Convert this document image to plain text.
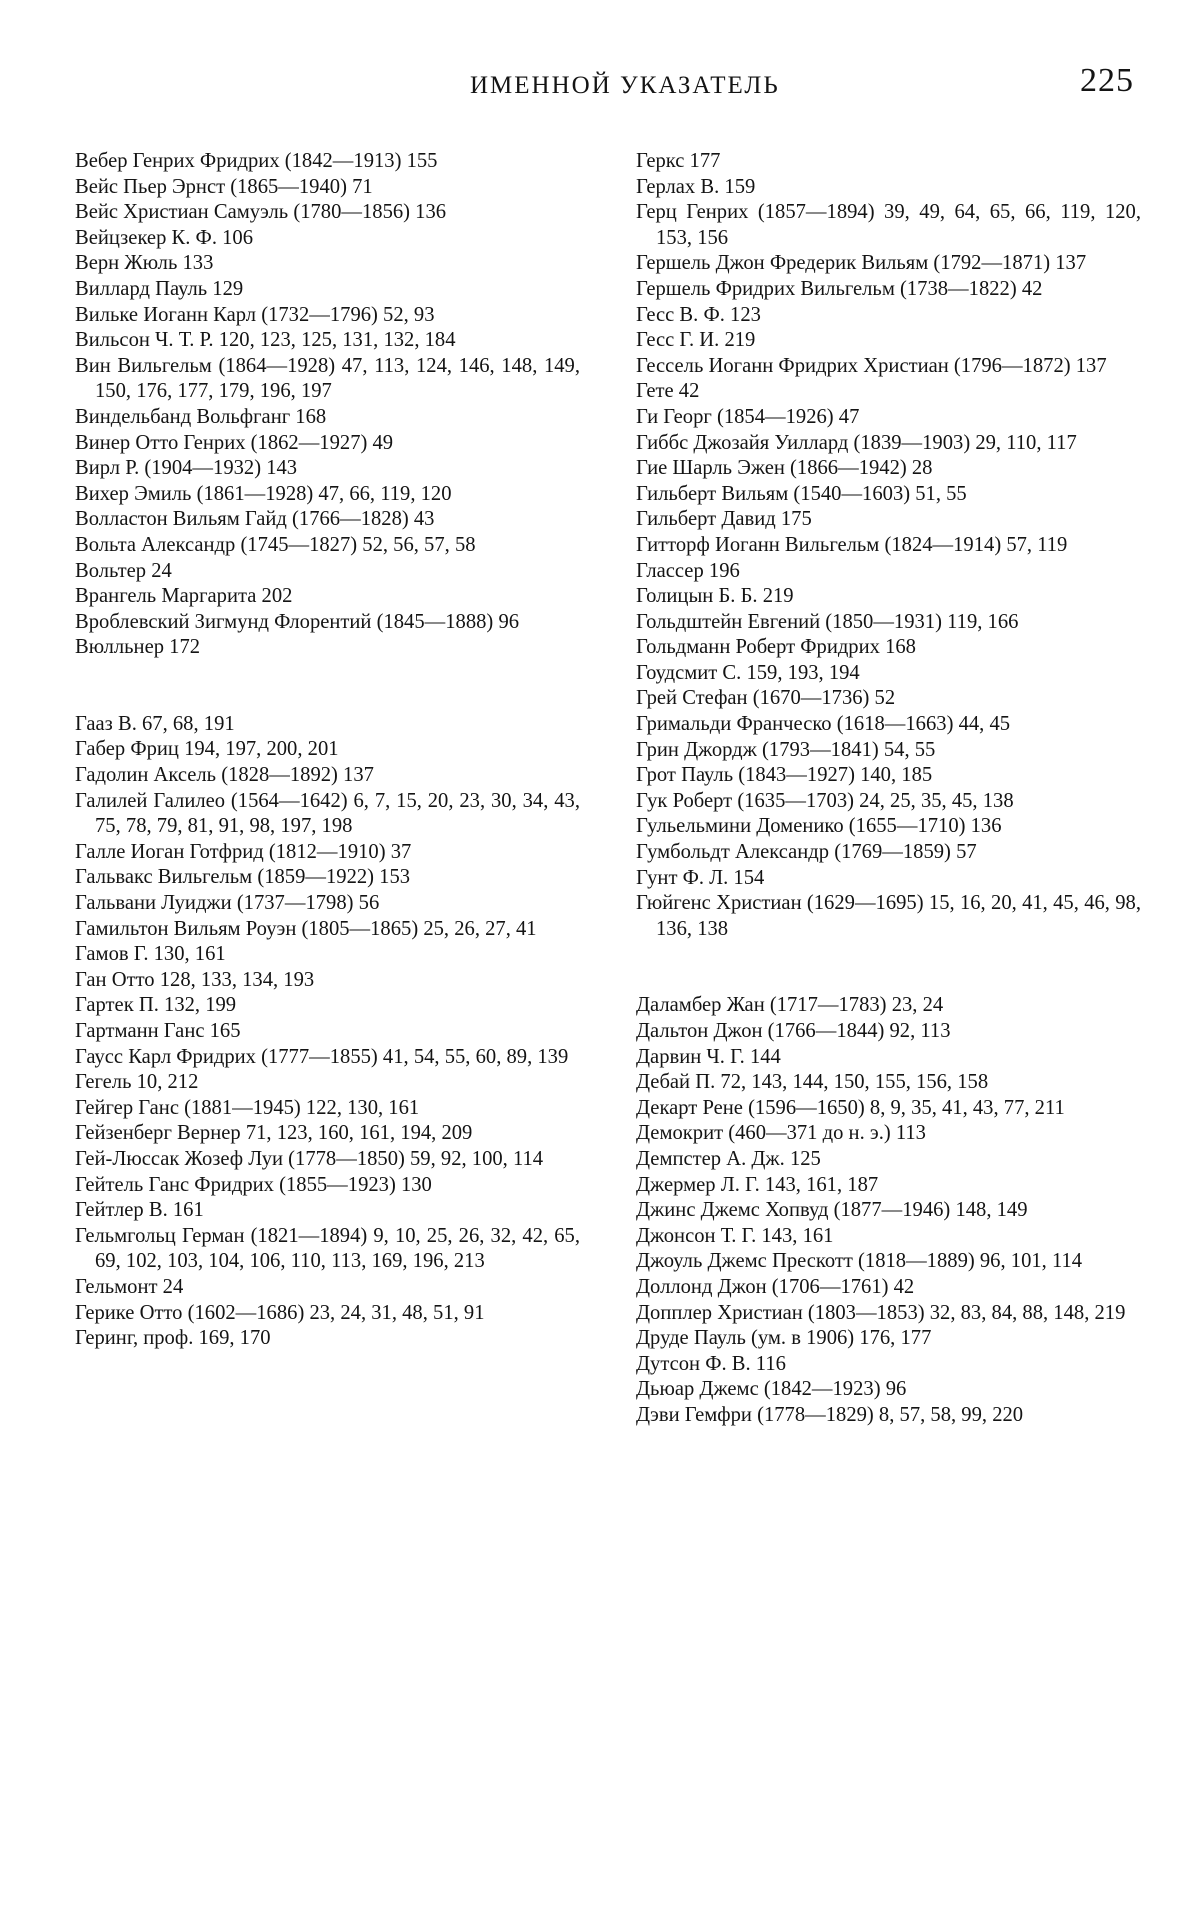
ИМЕННОЙ УКАЗАТЕЛЬ	225
Вебер Генрих Фридрих (1842—1913) 155
Вейс Пьер Эрнст (1865—1940) 71
Вейс Христиан Самуэль (1780—1856) 136
Вейцзекер К. Ф. 106
Верн Жюль 133
Виллард Пауль 129
Вильке Иоганн Карл (1732—1796) 52, 93
Вильсон Ч. Т. Р. 120, 123, 125, 131, 132, 184
Вин Вильгельм (1864—1928) 47, 113, 124, 146, 148, 149, 150, 176, 177, 179, 196, 197
Виндельбанд Вольфганг 168
Винер Отто Генрих (1862—1927) 49
Вирл Р. (1904—1932) 143
Вихер Эмиль (1861—1928) 47, 66, 119, 120
Волластон Вильям Гайд (1766—1828) 43
Вольта Александр (1745—1827) 52, 56, 57, 58
Вольтер 24
Врангель Маргарита 202
Вроблевский Зигмунд Флорентий (1845—1888) 96
Вюлльнер 172
Гааз В. 67, 68, 191
Габер Фриц 194, 197, 200, 201
Гадолин Аксель (1828—1892) 137
Галилей Галилео (1564—1642) 6, 7, 15, 20, 23, 30, 34, 43, 75, 78, 79, 81, 91, 98, 197, 198
Галле Иоган Готфрид (1812—1910) 37
Гальвакс Вильгельм (1859—1922) 153
Гальвани Луиджи (1737—1798) 56
Гамильтон Вильям Роуэн (1805—1865) 25, 26, 27, 41
Гамов Г. 130, 161
Ган Отто 128, 133, 134, 193
Гартек П. 132, 199
Гартманн Ганс 165
Гаусс Карл Фридрих (1777—1855) 41, 54, 55, 60, 89, 139
Гегель 10, 212
Гейгер Ганс (1881—1945) 122, 130, 161
Гейзенберг Вернер 71, 123, 160, 161, 194, 209
Гей-Люссак Жозеф Луи (1778—1850) 59, 92, 100, 114
Гейтель Ганс Фридрих (1855—1923) 130
Гейтлер В. 161
Гельмгольц Герман (1821—1894) 9, 10, 25, 26, 32, 42, 65, 69, 102, 103, 104, 106, 110, 113, 169, 196, 213
Гельмонт 24
Герике Отто (1602—1686) 23, 24, 31, 48, 51, 91
Геринг, проф. 169, 170
Геркс 177
Герлах В. 159
Герц Генрих (1857—1894) 39, 49, 64, 65, 66, 119, 120, 153, 156
Гершель Джон Фредерик Вильям (1792—1871) 137
Гершель Фридрих Вильгельм (1738—1822) 42
Гесс В. Ф. 123
Гесс Г. И. 219
Гессель Иоганн Фридрих Христиан (1796—1872) 137
Гете 42
Ги Георг (1854—1926) 47
Гиббс Джозайя Уиллард (1839—1903) 29, 110, 117
Гие Шарль Эжен (1866—1942) 28
Гильберт Вильям (1540—1603) 51, 55
Гильберт Давид 175
Гитторф Иоганн Вильгельм (1824—1914) 57, 119
Глассер 196
Голицын Б. Б. 219
Гольдштейн Евгений (1850—1931) 119, 166
Гольдманн Роберт Фридрих 168
Гоудсмит С. 159, 193, 194
Грей Стефан (1670—1736) 52
Гримальди Франческо (1618—1663) 44, 45
Грин Джордж (1793—1841) 54, 55
Грот Пауль (1843—1927) 140, 185
Гук Роберт (1635—1703) 24, 25, 35, 45, 138
Гульельмини Доменико (1655—1710) 136
Гумбольдт Александр (1769—1859) 57
Гунт Ф. Л. 154
Гюйгенс Христиан (1629—1695) 15, 16, 20, 41, 45, 46, 98, 136, 138
Даламбер Жан (1717—1783) 23, 24
Дальтон Джон (1766—1844) 92, 113
Дарвин Ч. Г. 144
Дебай П. 72, 143, 144, 150, 155, 156, 158
Декарт Рене (1596—1650) 8, 9, 35, 41, 43, 77, 211
Демокрит (460—371 до н. э.) 113
Демпстер А. Дж. 125
Джермер Л. Г. 143, 161, 187
Джинс Джемс Хопвуд (1877—1946) 148, 149
Джонсон Т. Г. 143, 161
Джоуль Джемс Прескотт (1818—1889) 96, 101, 114
Доллонд Джон (1706—1761) 42
Допплер Христиан (1803—1853) 32, 83, 84, 88, 148, 219
Друде Пауль (ум. в 1906) 176, 177
Дутсон Ф. В. 116
Дьюар Джемс (1842—1923) 96
Дэви Гемфри (1778—1829) 8, 57, 58, 99, 220
